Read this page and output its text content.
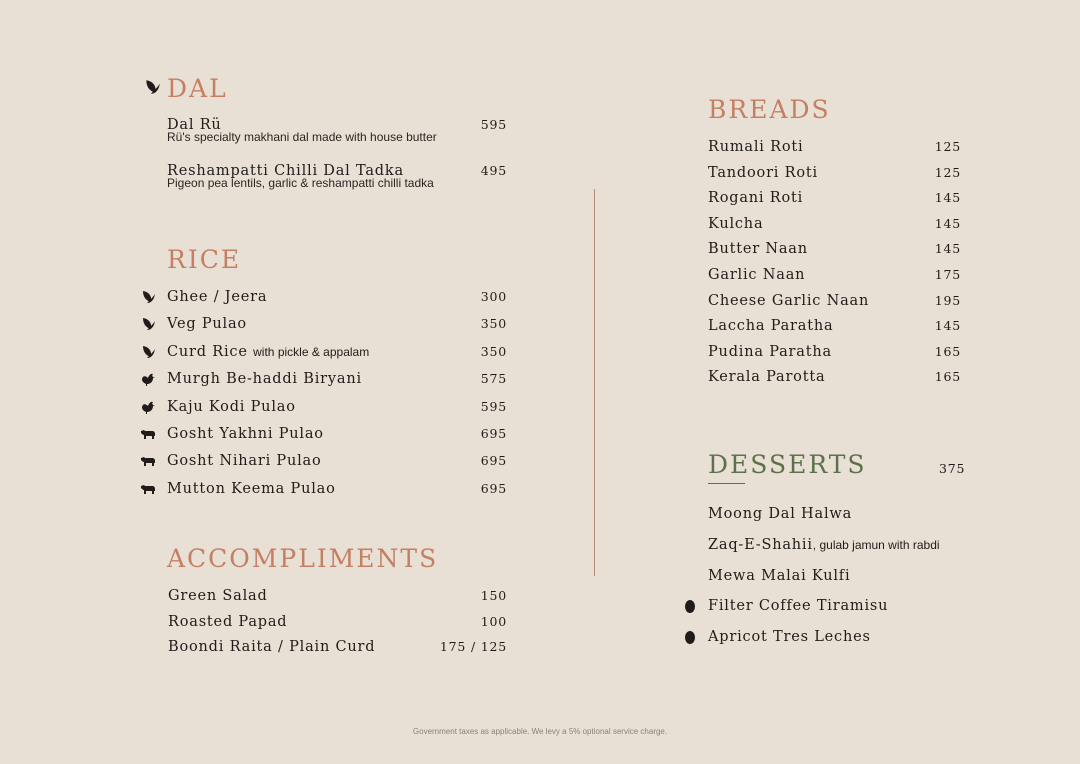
DAL
Dal Rü	595
Rü's specialty makhani dal made with house butter
Reshampatti Chilli Dal Tadka	495
Pigeon pea lentils, garlic & reshampatti chilli tadka
RICE
Ghee / Jeera	300
Veg Pulao	350
Curd Rice with pickle & appalam	350
Murgh Be-haddi Biryani	575
Kaju Kodi Pulao	595
Gosht Yakhni Pulao	695
Gosht Nihari Pulao	695
Mutton Keema Pulao	695
ACCOMPLIMENTS
Green Salad	150
Roasted Papad	100
Boondi Raita / Plain Curd	175 / 125
BREADS
Rumali Roti	125
Tandoori Roti	125
Rogani Roti	145
Kulcha	145
Butter Naan	145
Garlic Naan	175
Cheese Garlic Naan	195
Laccha Paratha	145
Pudina Paratha	165
Kerala Parotta	165
DESSERTS	375
Moong Dal Halwa
Zaq-E-Shahii, gulab jamun with rabdi
Mewa Malai Kulfi
Filter Coffee Tiramisu
Apricot Tres Leches
Government taxes as applicable. We levy a 5% optional service charge.
